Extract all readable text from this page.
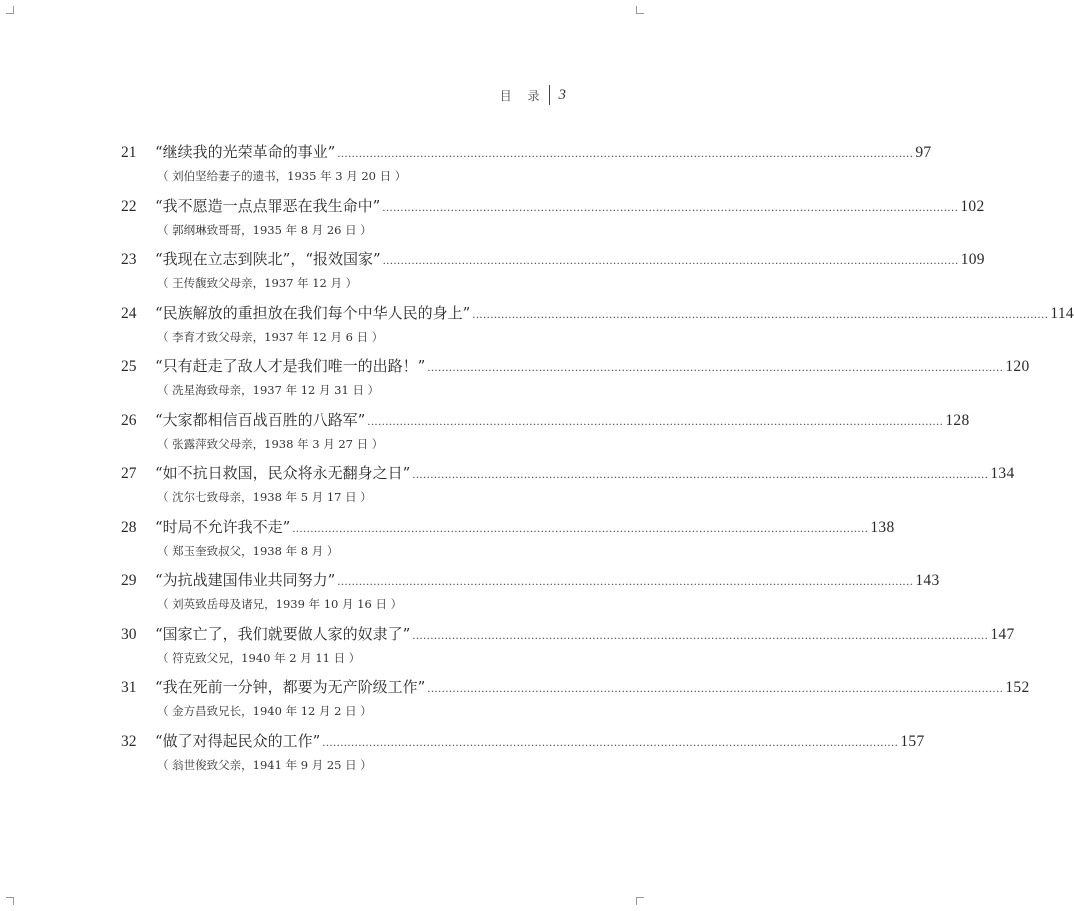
目 录 3
21	“继续我的光荣革命的事业” ................................................................................................................................................................ 97
（ 刘伯坚给妻子的遗书，1935 年 3 月 20 日 ）
22	“我不愿造一点点罪恶在我生命中” ................................................................................................................................................................ 102
（ 郭纲琳致哥哥，1935 年 8 月 26 日 ）
23	“我现在立志到陕北”，“报效国家” ................................................................................................................................................................ 109
（ 王传馥致父母亲，1937 年 12 月 ）
24	“民族解放的重担放在我们每个中华人民的身上” ................................................................................................................................................................ 114
（ 李育才致父母亲，1937 年 12 月 6 日 ）
25	“只有赶走了敌人才是我们唯一的出路！” ................................................................................................................................................................ 120
（ 冼星海致母亲，1937 年 12 月 31 日 ）
26	“大家都相信百战百胜的八路军” ................................................................................................................................................................ 128
（ 张露萍致父母亲，1938 年 3 月 27 日 ）
27	“如不抗日救国，民众将永无翻身之日” ................................................................................................................................................................ 134
（ 沈尔七致母亲，1938 年 5 月 17 日 ）
28	“时局不允许我不走” ................................................................................................................................................................ 138
（ 郑玉奎致叔父，1938 年 8 月 ）
29	“为抗战建国伟业共同努力” ................................................................................................................................................................ 143
（ 刘英致岳母及诸兄，1939 年 10 月 16 日 ）
30	“国家亡了，我们就要做人家的奴隶了” ................................................................................................................................................................ 147
（ 符克致父兄，1940 年 2 月 11 日 ）
31	“我在死前一分钟，都要为无产阶级工作” ................................................................................................................................................................ 152
（ 金方昌致兄长，1940 年 12 月 2 日 ）
32	“做了对得起民众的工作” ................................................................................................................................................................ 157
（ 翁世俊致父亲，1941 年 9 月 25 日 ）
